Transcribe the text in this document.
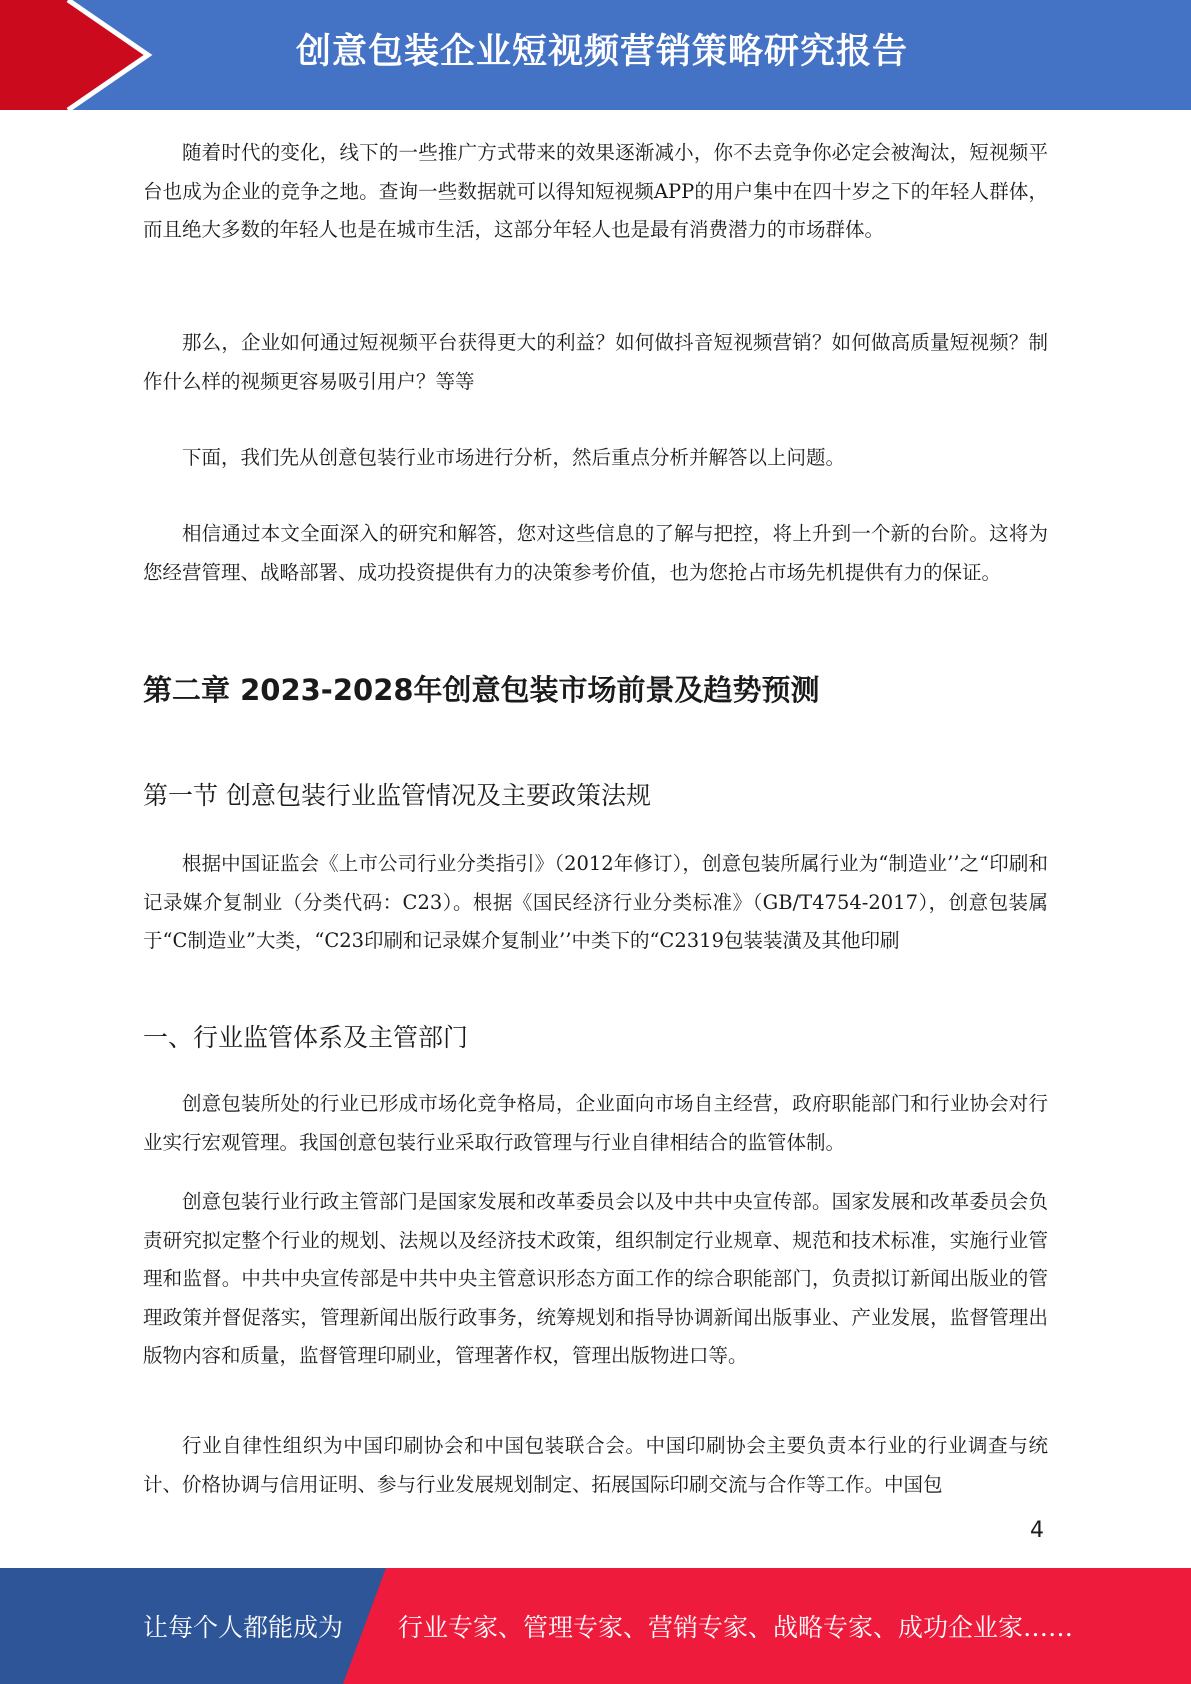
创意包装企业短视频营销策略研究报告

随着时代的变化，线下的一些推广方式带来的效果逐渐减小，你不去竞争你必定会被淘汰，短视频平台也成为企业的竞争之地。查询一些数据就可以得知短视频APP的用户集中在四十岁之下的年轻人群体，而且绝大多数的年轻人也是在城市生活，这部分年轻人也是最有消费潜力的市场群体。

那么，企业如何通过短视频平台获得更大的利益？如何做抖音短视频营销？如何做高质量短视频？制作什么样的视频更容易吸引用户？等等

下面，我们先从创意包装行业市场进行分析，然后重点分析并解答以上问题。

相信通过本文全面深入的研究和解答，您对这些信息的了解与把控，将上升到一个新的台阶。这将为您经营管理、战略部署、成功投资提供有力的决策参考价值，也为您抢占市场先机提供有力的保证。

第二章 2023-2028年创意包装市场前景及趋势预测
第一节 创意包装行业监管情况及主要政策法规

根据中国证监会《上市公司行业分类指引》（2012年修订），创意包装所属行业为“制造业’’之“印刷和记录媒介复制业（分类代码：C23）。根据《国民经济行业分类标准》（GB/T4754-2017），创意包装属于“C制造业”大类，“C23印刷和记录媒介复制业’’中类下的“C2319包装装潢及其他印刷

一、行业监管体系及主管部门

创意包装所处的行业已形成市场化竞争格局，企业面向市场自主经营，政府职能部门和行业协会对行业实行宏观管理。我国创意包装行业采取行政管理与行业自律相结合的监管体制。

创意包装行业行政主管部门是国家发展和改革委员会以及中共中央宣传部。国家发展和改革委员会负责研究拟定整个行业的规划、法规以及经济技术政策，组织制定行业规章、规范和技术标准，实施行业管理和监督。中共中央宣传部是中共中央主管意识形态方面工作的综合职能部门，负责拟订新闻出版业的管理政策并督促落实，管理新闻出版行政事务，统筹规划和指导协调新闻出版事业、产业发展，监督管理出版物内容和质量，监督管理印刷业，管理著作权，管理出版物进口等。

行业自律性组织为中国印刷协会和中国包装联合会。中国印刷协会主要负责本行业的行业调查与统计、价格协调与信用证明、参与行业发展规划制定、拓展国际印刷交流与合作等工作。中国包

4
让每个人都能成为 行业专家、管理专家、营销专家、战略专家、成功企业家……
